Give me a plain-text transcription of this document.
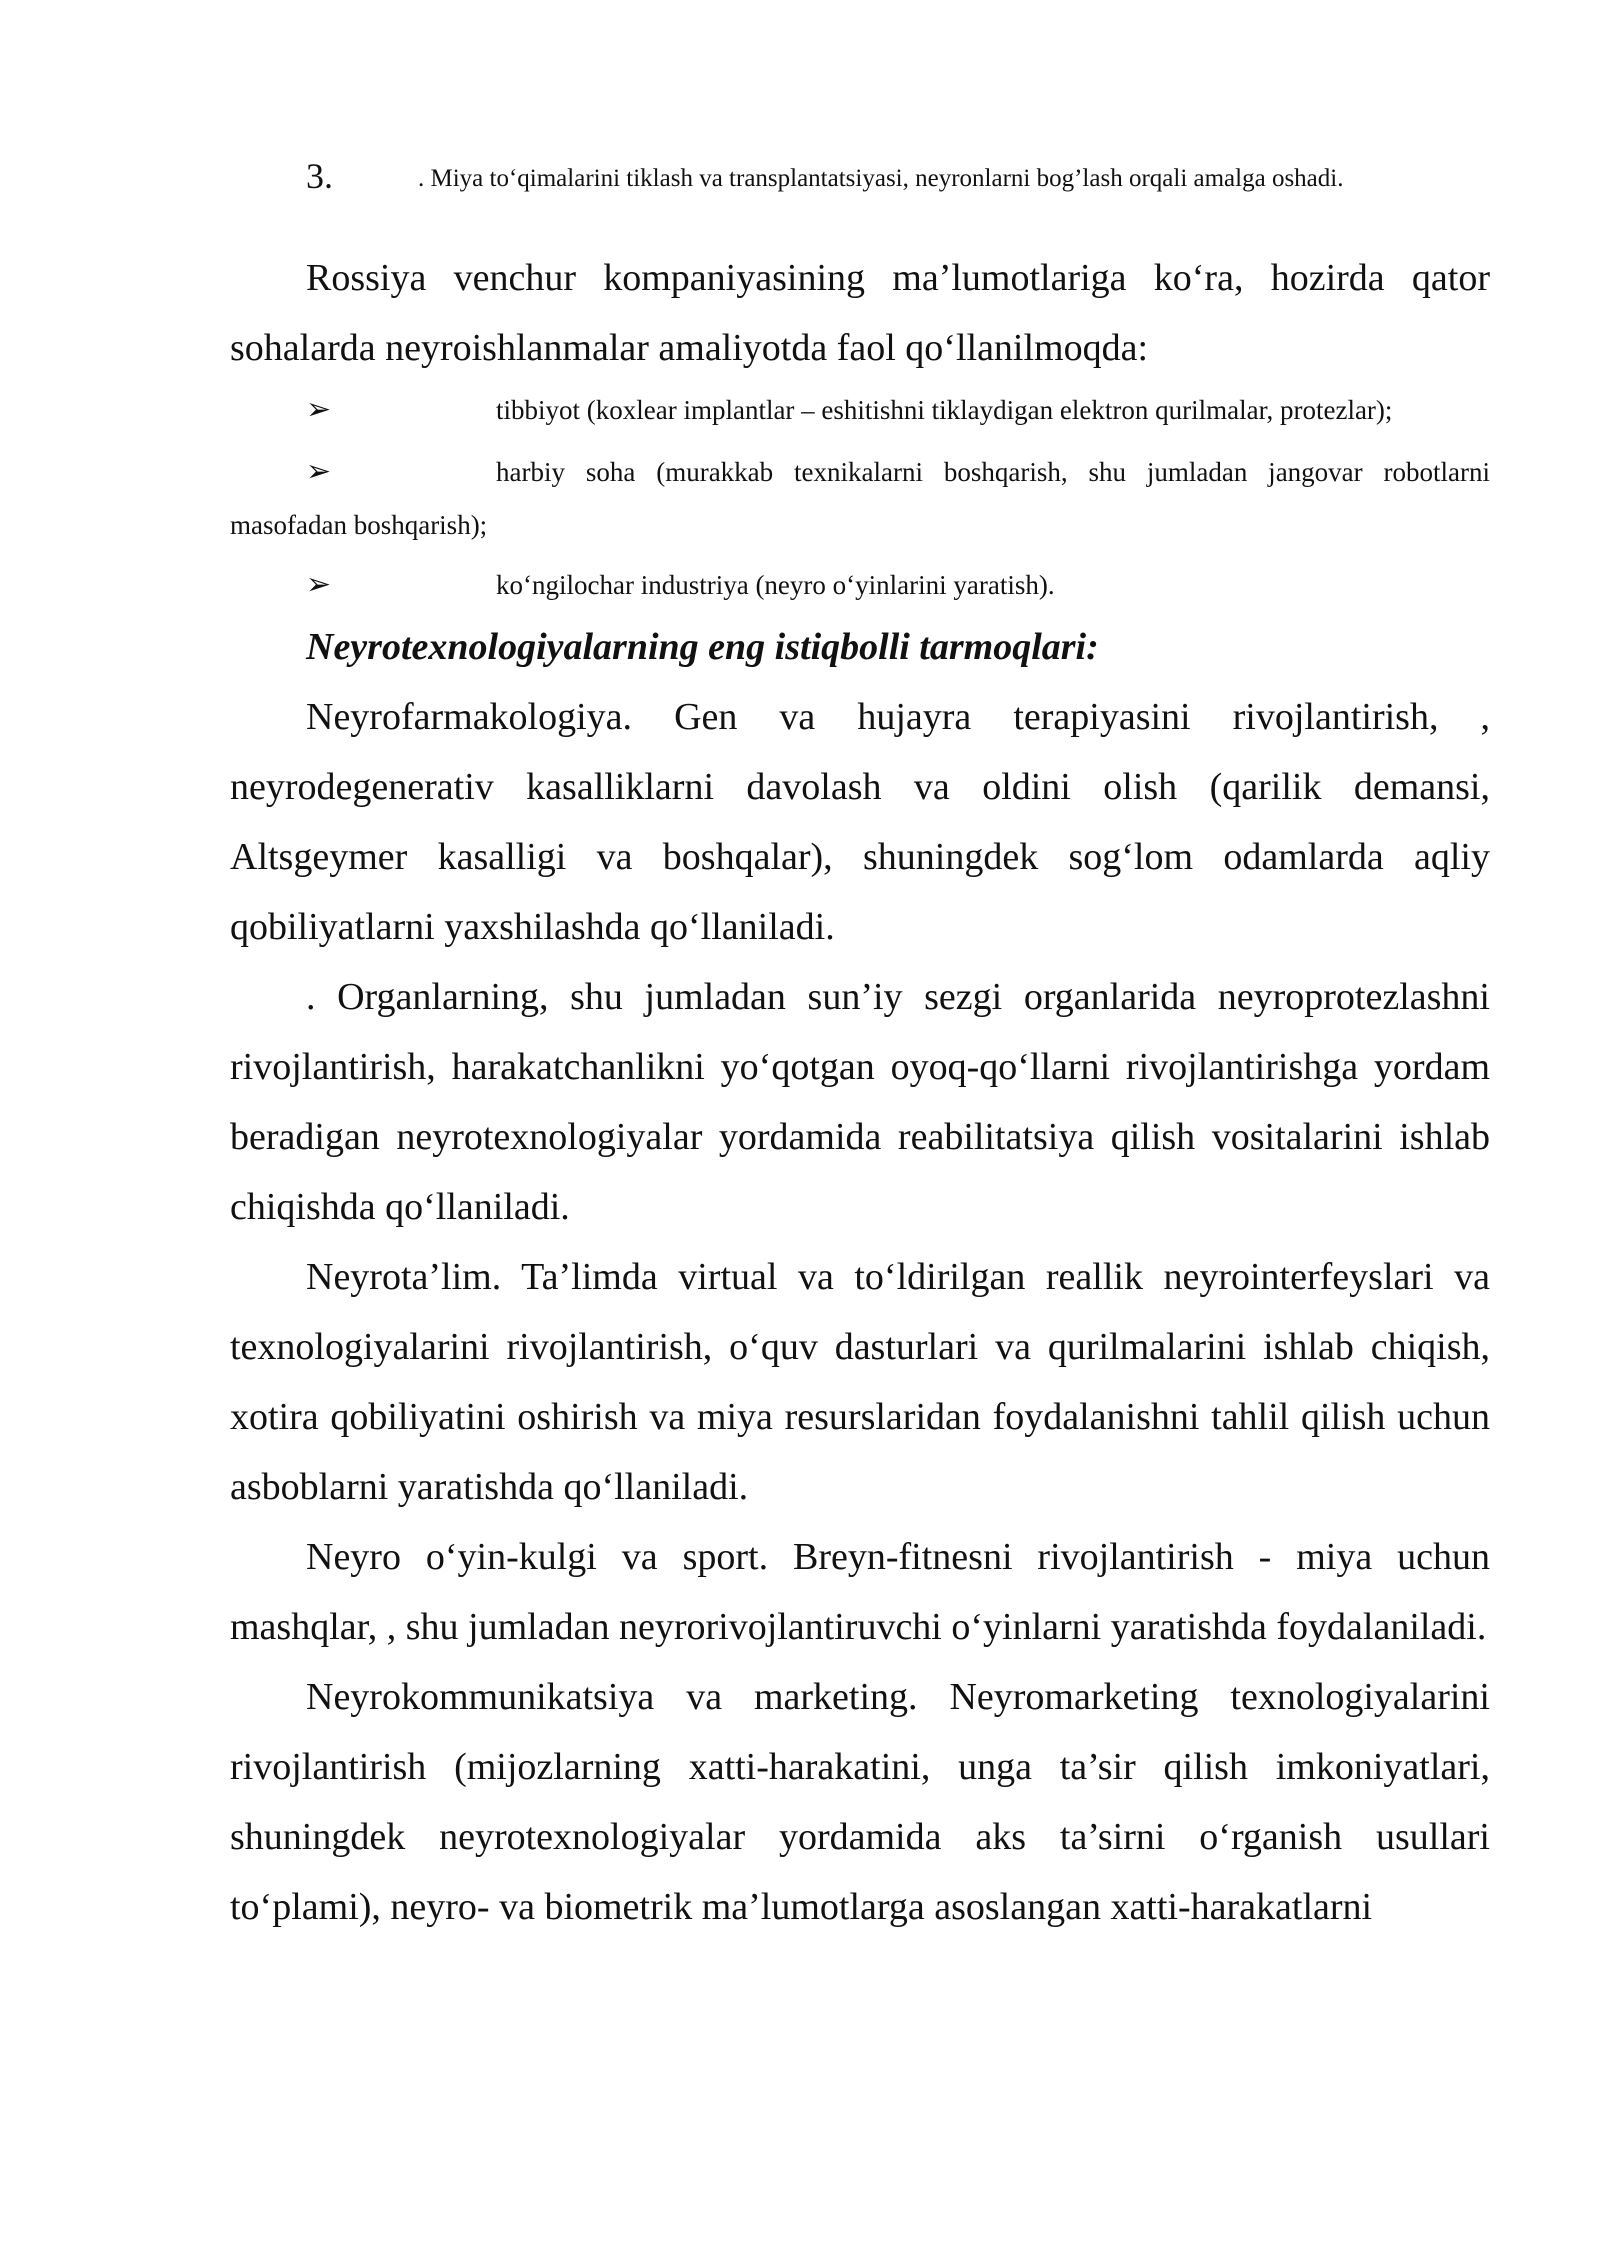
3.	. Miya to‘qimalarini tiklash va transplantatsiyasi, neyronlarni bog’lash orqali amalga oshadi.

Rossiya venchur kompaniyasining ma’lumotlariga ko‘ra, hozirda qator sohalarda neyroishlanmalar amaliyotda faol qo‘llanilmoqda:

➢	tibbiyot (koxlear implantlar – eshitishni tiklaydigan elektron qurilmalar, protezlar);

➢	harbiy soha (murakkab texnikalarni boshqarish, shu jumladan jangovar robotlarni masofadan boshqarish);

➢	ko‘ngilochar industriya (neyro o‘yinlarini yaratish).

Neyrotexnologiyalarning eng istiqbolli tarmoqlari:

Neyrofarmakologiya. Gen va hujayra terapiyasini rivojlantirish, , neyrodegenerativ kasalliklarni davolash va oldini olish (qarilik demansi, Altsgeymer kasalligi va boshqalar), shuningdek sog‘lom odamlarda aqliy qobiliyatlarni yaxshilashda qo‘llaniladi.

. Organlarning, shu jumladan sun’iy sezgi organlarida neyroprotezlashni rivojlantirish, harakatchanlikni yo‘qotgan oyoq-qo‘llarni rivojlantirishga yordam beradigan neyrotexnologiyalar yordamida reabilitatsiya qilish vositalarini ishlab chiqishda qo‘llaniladi.

Neyrota’lim. Ta’limda virtual va to‘ldirilgan reallik neyrointerfeyslari va texnologiyalarini rivojlantirish, o‘quv dasturlari va qurilmalarini ishlab chiqish, xotira qobiliyatini oshirish va miya resurslaridan foydalanishni tahlil qilish uchun asboblarni yaratishda qo‘llaniladi.

Neyro o‘yin-kulgi va sport. Breyn-fitnesni rivojlantirish - miya uchun mashqlar, , shu jumladan neyrorivojlantiruvchi o‘yinlarni yaratishda foydalaniladi.

Neyrokommunikatsiya va marketing. Neyromarketing texnologiyalarini rivojlantirish (mijozlarning xatti-harakatini, unga ta’sir qilish imkoniyatlari, shuningdek neyrotexnologiyalar yordamida aks ta’sirni o‘rganish usullari to‘plami), neyro- va biometrik ma’lumotlarga asoslangan xatti-harakatlarni
